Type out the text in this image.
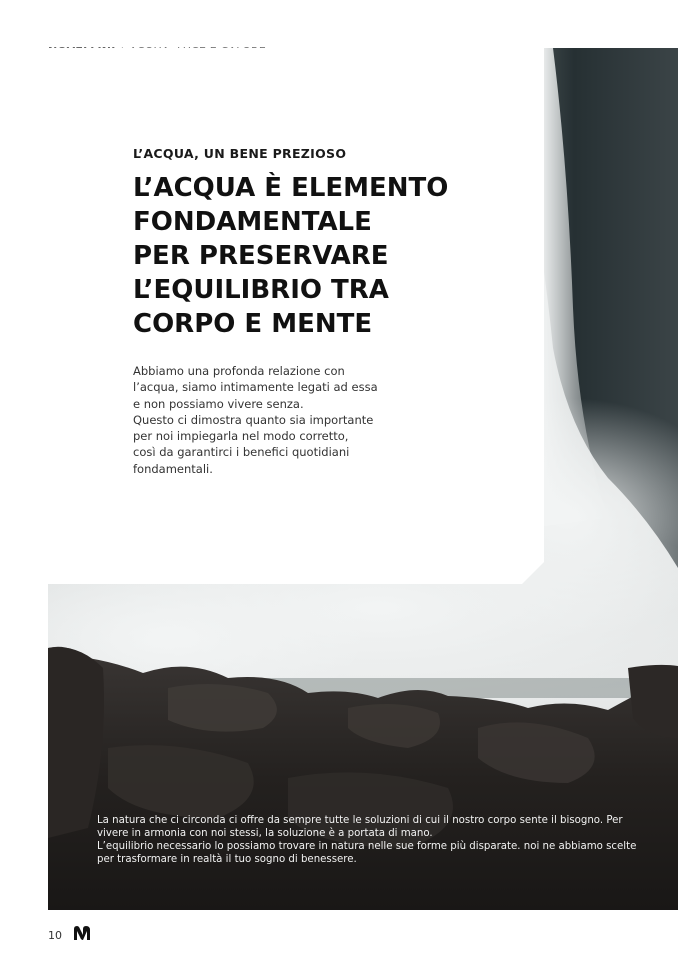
L’ACQUA, UN BENE PREZIOSO
L’ACQUA È ELEMENTO
FONDAMENTALE
PER PRESERVARE
L’EQUILIBRIO TRA
CORPO E MENTE
Abbiamo una profonda relazione con
l’acqua, siamo intimamente legati ad essa
e non possiamo vivere senza.
Questo ci dimostra quanto sia importante
per noi impiegarla nel modo corretto,
così da garantirci i benefici quotidiani
fondamentali.
La natura che ci circonda ci offre da sempre tutte le soluzioni di cui il nostro corpo sente il bisogno. Per
vivere in armonia con noi stessi, la soluzione è a portata di mano.
L’equilibrio necessario lo possiamo trovare in natura nelle sue forme più disparate. noi ne abbiamo scelte
per trasformare in realtà il tuo sogno di benessere.
10
